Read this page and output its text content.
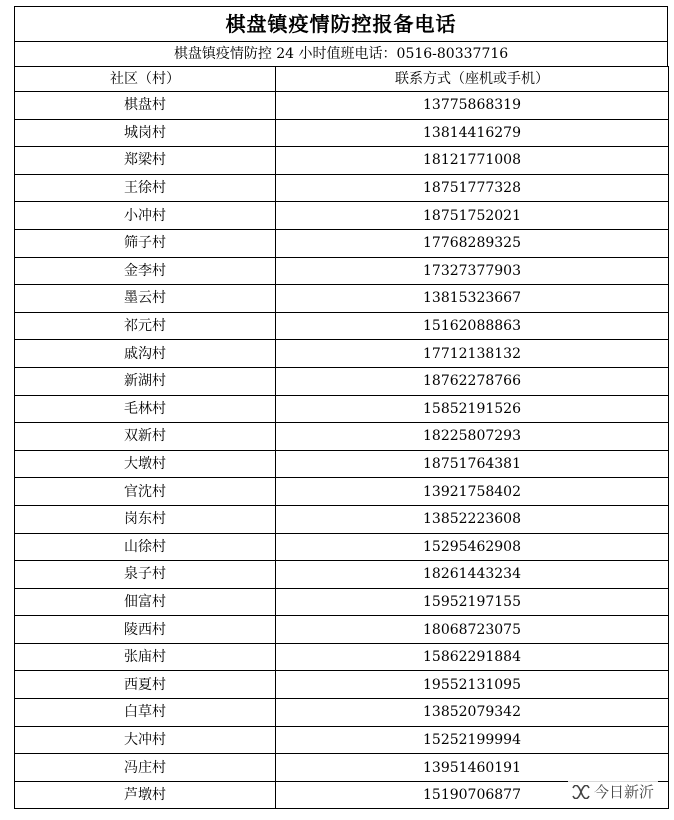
棋盘镇疫情防控报备电话
棋盘镇疫情防控 24 小时值班电话：0516-80337716
社区（村）	联系方式（座机或手机）
棋盘村	13775868319
城岗村	13814416279
郑梁村	18121771008
王徐村	18751777328
小冲村	18751752021
筛子村	17768289325
金李村	17327377903
墨云村	13815323667
祁元村	15162088863
戚沟村	17712138132
新湖村	18762278766
毛林村	15852191526
双新村	18225807293
大墩村	18751764381
官沈村	13921758402
岗东村	13852223608
山徐村	15295462908
泉子村	18261443234
佃富村	15952197155
陵西村	18068723075
张庙村	15862291884
西夏村	19552131095
白草村	13852079342
大冲村	15252199994
冯庄村	13951460191
芦墩村	15190706877	今日新沂
